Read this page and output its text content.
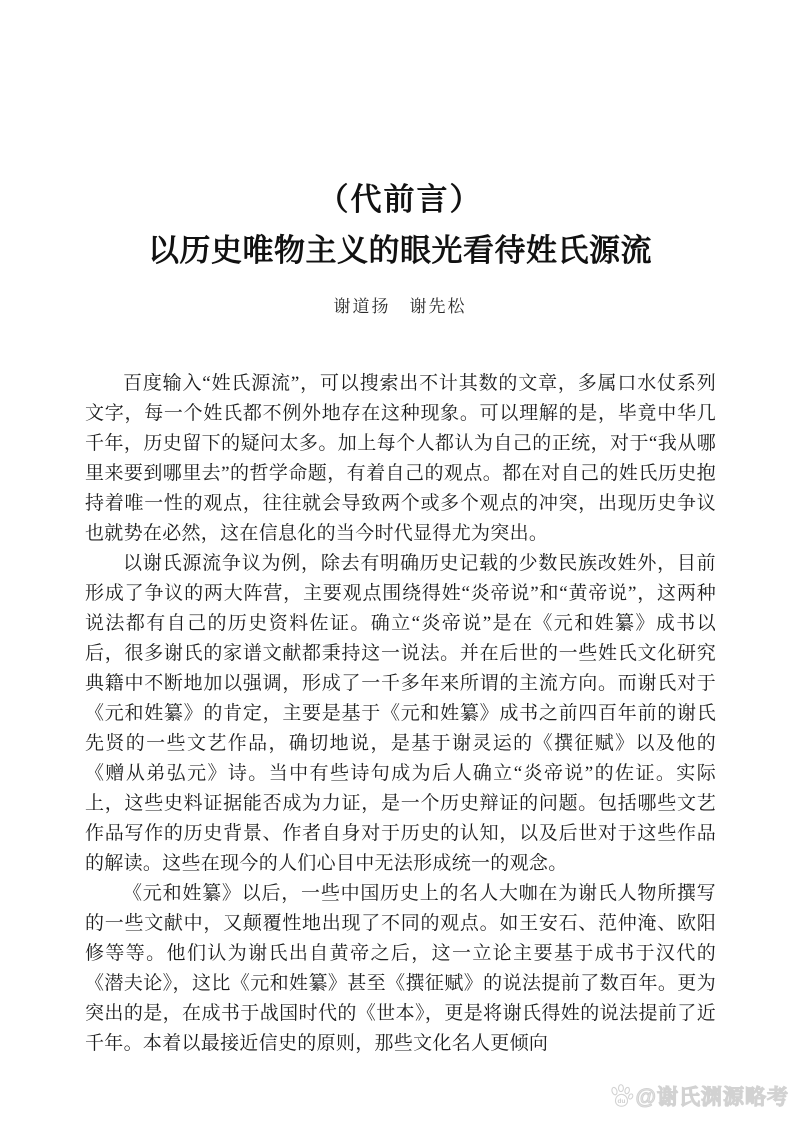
（代前言）
以历史唯物主义的眼光看待姓氏源流
谢道扬　谢先松

百度输入“姓氏源流”，可以搜索出不计其数的文章，多属口水仗系列文字，每一个姓氏都不例外地存在这种现象。可以理解的是，毕竟中华几千年，历史留下的疑问太多。加上每个人都认为自己的正统，对于“我从哪里来要到哪里去”的哲学命题，有着自己的观点。都在对自己的姓氏历史抱持着唯一性的观点，往往就会导致两个或多个观点的冲突，出现历史争议也就势在必然，这在信息化的当今时代显得尤为突出。

以谢氏源流争议为例，除去有明确历史记载的少数民族改姓外，目前形成了争议的两大阵营，主要观点围绕得姓“炎帝说”和“黄帝说”，这两种说法都有自己的历史资料佐证。确立“炎帝说”是在《元和姓纂》成书以后，很多谢氏的家谱文献都秉持这一说法。并在后世的一些姓氏文化研究典籍中不断地加以强调，形成了一千多年来所谓的主流方向。而谢氏对于《元和姓纂》的肯定，主要是基于《元和姓纂》成书之前四百年前的谢氏先贤的一些文艺作品，确切地说，是基于谢灵运的《撰征赋》以及他的《赠从弟弘元》诗。当中有些诗句成为后人确立“炎帝说”的佐证。实际上，这些史料证据能否成为力证，是一个历史辩证的问题。包括哪些文艺作品写作的历史背景、作者自身对于历史的认知，以及后世对于这些作品的解读。这些在现今的人们心目中无法形成统一的观念。

《元和姓纂》以后，一些中国历史上的名人大咖在为谢氏人物所撰写的一些文献中，又颠覆性地出现了不同的观点。如王安石、范仲淹、欧阳修等等。他们认为谢氏出自黄帝之后，这一立论主要基于成书于汉代的《潜夫论》，这比《元和姓纂》甚至《撰征赋》的说法提前了数百年。更为突出的是，在成书于战国时代的《世本》，更是将谢氏得姓的说法提前了近千年。本着以最接近信史的原则，那些文化名人更倾向

du @谢氏渊源略考
